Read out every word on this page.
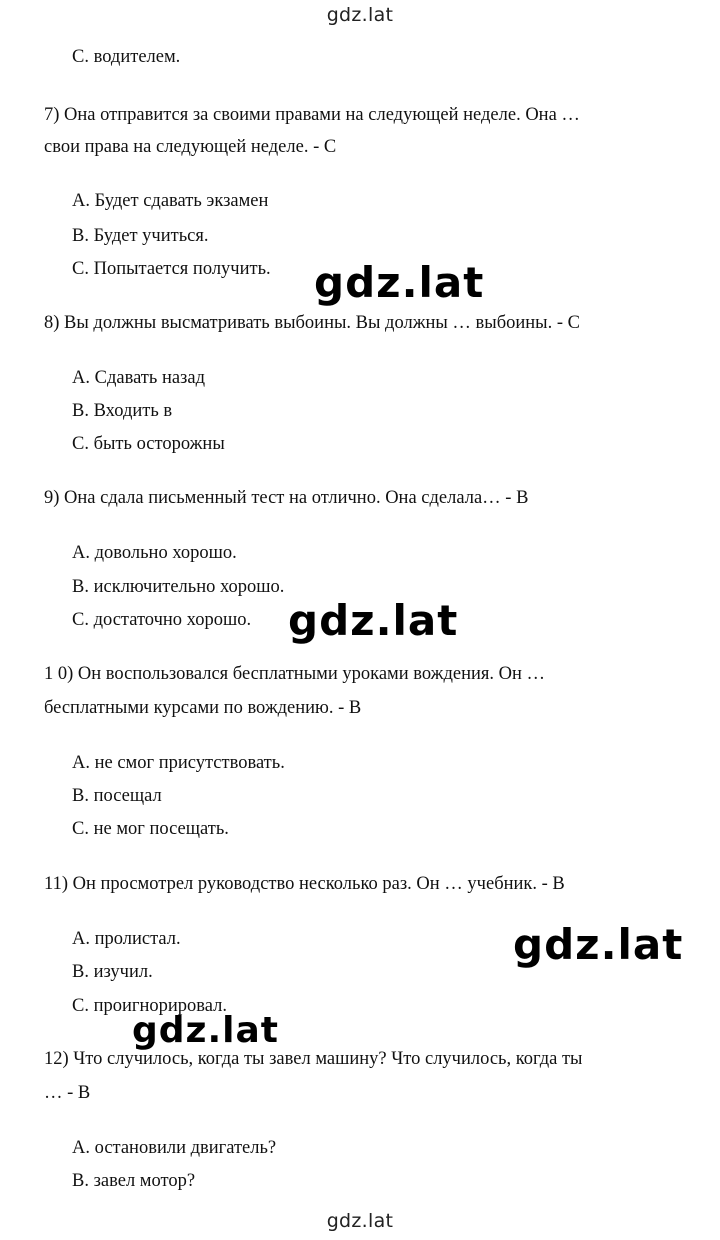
gdz.lat
C. водителем.
7) Она отправится за своими правами на следующей неделе. Она …
свои права на следующей неделе. - C
A. Будет сдавать экзамен
B. Будет учиться.
C. Попытается получить.
8) Вы должны высматривать выбоины. Вы должны … выбоины. - C
A. Сдавать назад
B. Входить в
C. быть осторожны
9) Она сдала письменный тест на отлично. Она сделала… - B
A. довольно хорошо.
B. исключительно хорошо.
C. достаточно хорошо.
1 0) Он воспользовался бесплатными уроками вождения. Он …
бесплатными курсами по вождению. - B
A. не смог присутствовать.
B. посещал
C. не мог посещать.
11) Он просмотрел руководство несколько раз. Он … учебник. - B
A. пролистал.
B. изучил.
C. проигнорировал.
12) Что случилось, когда ты завел машину? Что случилось, когда ты
… - B
A. остановили двигатель?
B. завел мотор?
gdz.lat
gdz.lat
gdz.lat
gdz.lat
gdz.lat
